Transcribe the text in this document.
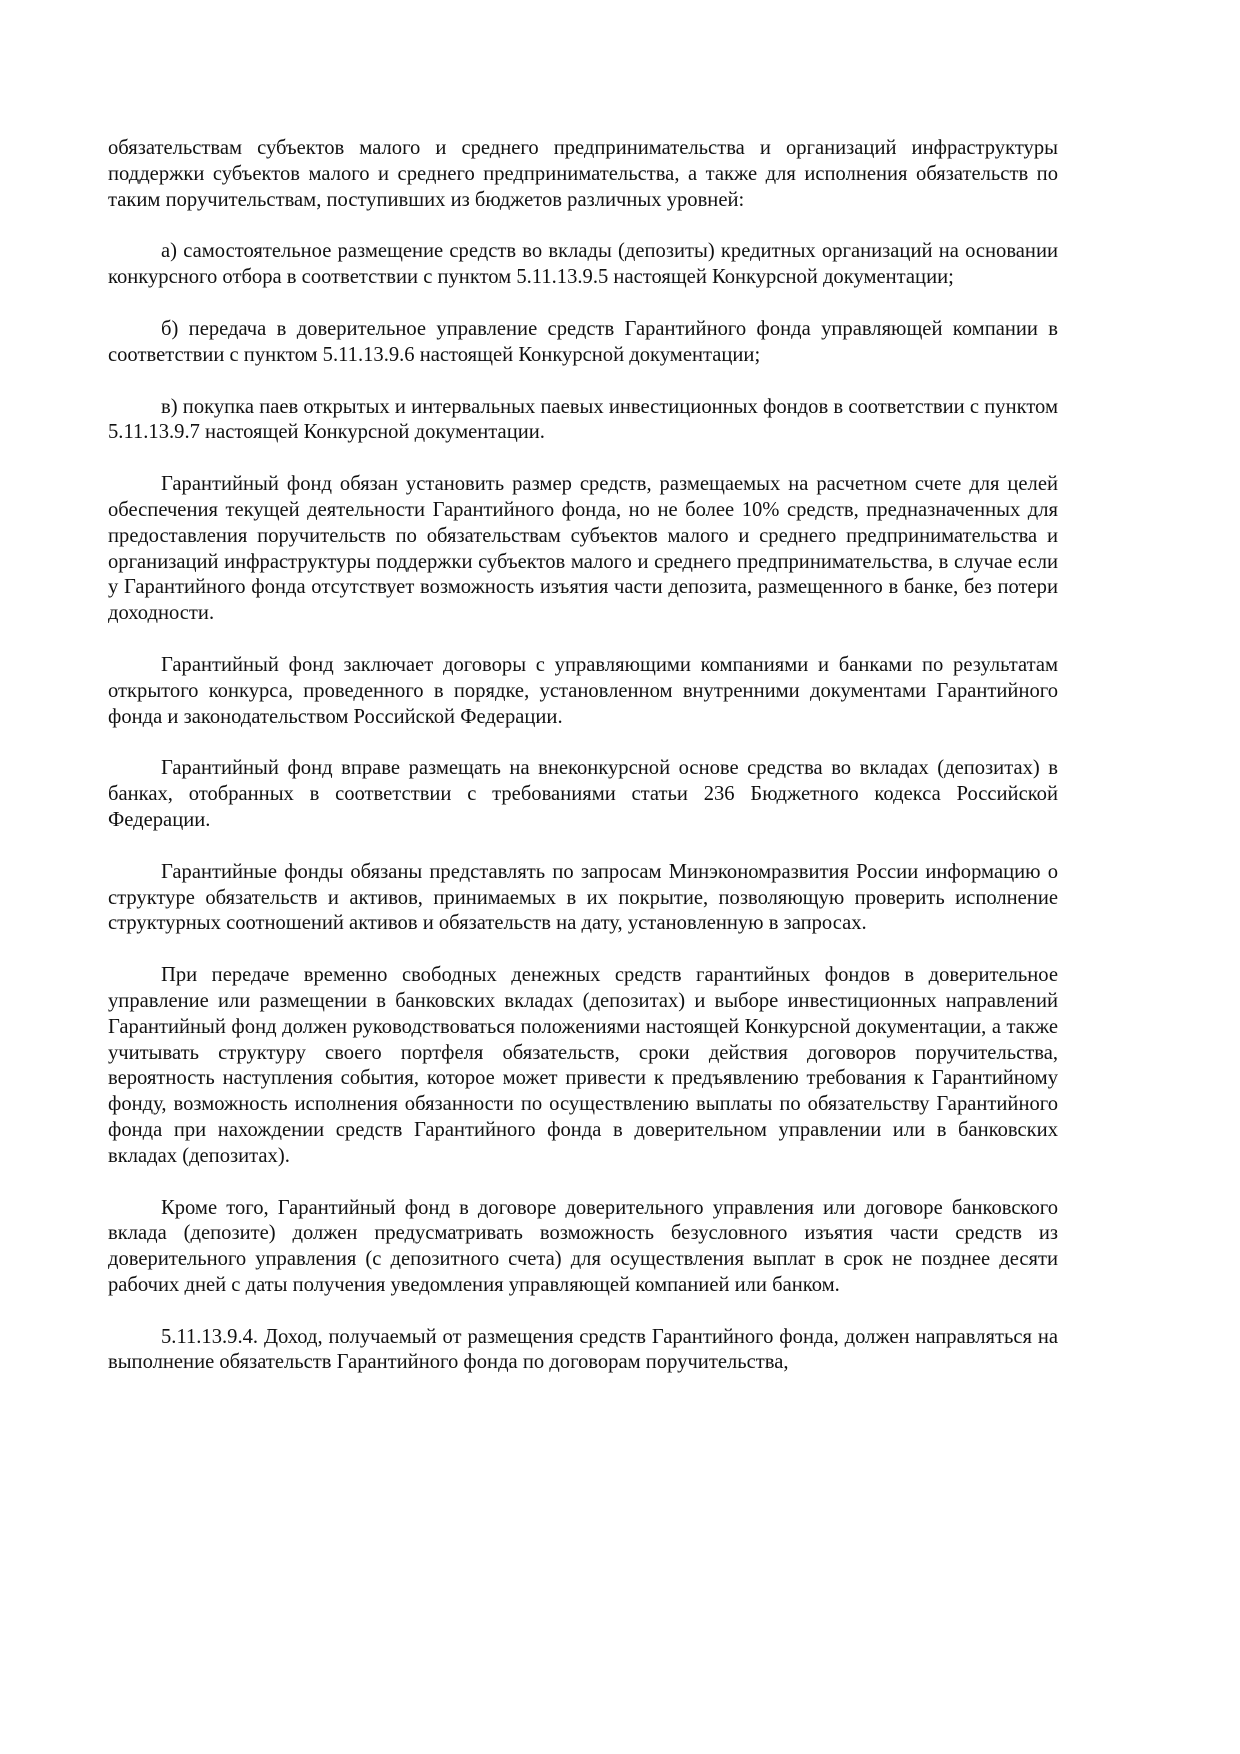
обязательствам субъектов малого и среднего предпринимательства и организаций инфраструктуры поддержки субъектов малого и среднего предпринимательства, а также для исполнения обязательств по таким поручительствам, поступивших из бюджетов различных уровней:

а) самостоятельное размещение средств во вклады (депозиты) кредитных организаций на основании конкурсного отбора в соответствии с пунктом 5.11.13.9.5 настоящей Конкурсной документации;

б) передача в доверительное управление средств Гарантийного фонда управляющей компании в соответствии с пунктом 5.11.13.9.6 настоящей Конкурсной документации;

в) покупка паев открытых и интервальных паевых инвестиционных фондов в соответствии с пунктом 5.11.13.9.7 настоящей Конкурсной документации.

Гарантийный фонд обязан установить размер средств, размещаемых на расчетном счете для целей обеспечения текущей деятельности Гарантийного фонда, но не более 10% средств, предназначенных для предоставления поручительств по обязательствам субъектов малого и среднего предпринимательства и организаций инфраструктуры поддержки субъектов малого и среднего предпринимательства, в случае если у Гарантийного фонда отсутствует возможность изъятия части депозита, размещенного в банке, без потери доходности.

Гарантийный фонд заключает договоры с управляющими компаниями и банками по результатам открытого конкурса, проведенного в порядке, установленном внутренними документами Гарантийного фонда и законодательством Российской Федерации.

Гарантийный фонд вправе размещать на внеконкурсной основе средства во вкладах (депозитах) в банках, отобранных в соответствии с требованиями статьи 236 Бюджетного кодекса Российской Федерации.

Гарантийные фонды обязаны представлять по запросам Минэкономразвития России информацию о структуре обязательств и активов, принимаемых в их покрытие, позволяющую проверить исполнение структурных соотношений активов и обязательств на дату, установленную в запросах.

При передаче временно свободных денежных средств гарантийных фондов в доверительное управление или размещении в банковских вкладах (депозитах) и выборе инвестиционных направлений Гарантийный фонд должен руководствоваться положениями настоящей Конкурсной документации, а также учитывать структуру своего портфеля обязательств, сроки действия договоров поручительства, вероятность наступления события, которое может привести к предъявлению требования к Гарантийному фонду, возможность исполнения обязанности по осуществлению выплаты по обязательству Гарантийного фонда при нахождении средств Гарантийного фонда в доверительном управлении или в банковских вкладах (депозитах).

Кроме того, Гарантийный фонд в договоре доверительного управления или договоре банковского вклада (депозите) должен предусматривать возможность безусловного изъятия части средств из доверительного управления (с депозитного счета) для осуществления выплат в срок не позднее десяти рабочих дней с даты получения уведомления управляющей компанией или банком.

5.11.13.9.4. Доход, получаемый от размещения средств Гарантийного фонда, должен направляться на выполнение обязательств Гарантийного фонда по договорам поручительства,
